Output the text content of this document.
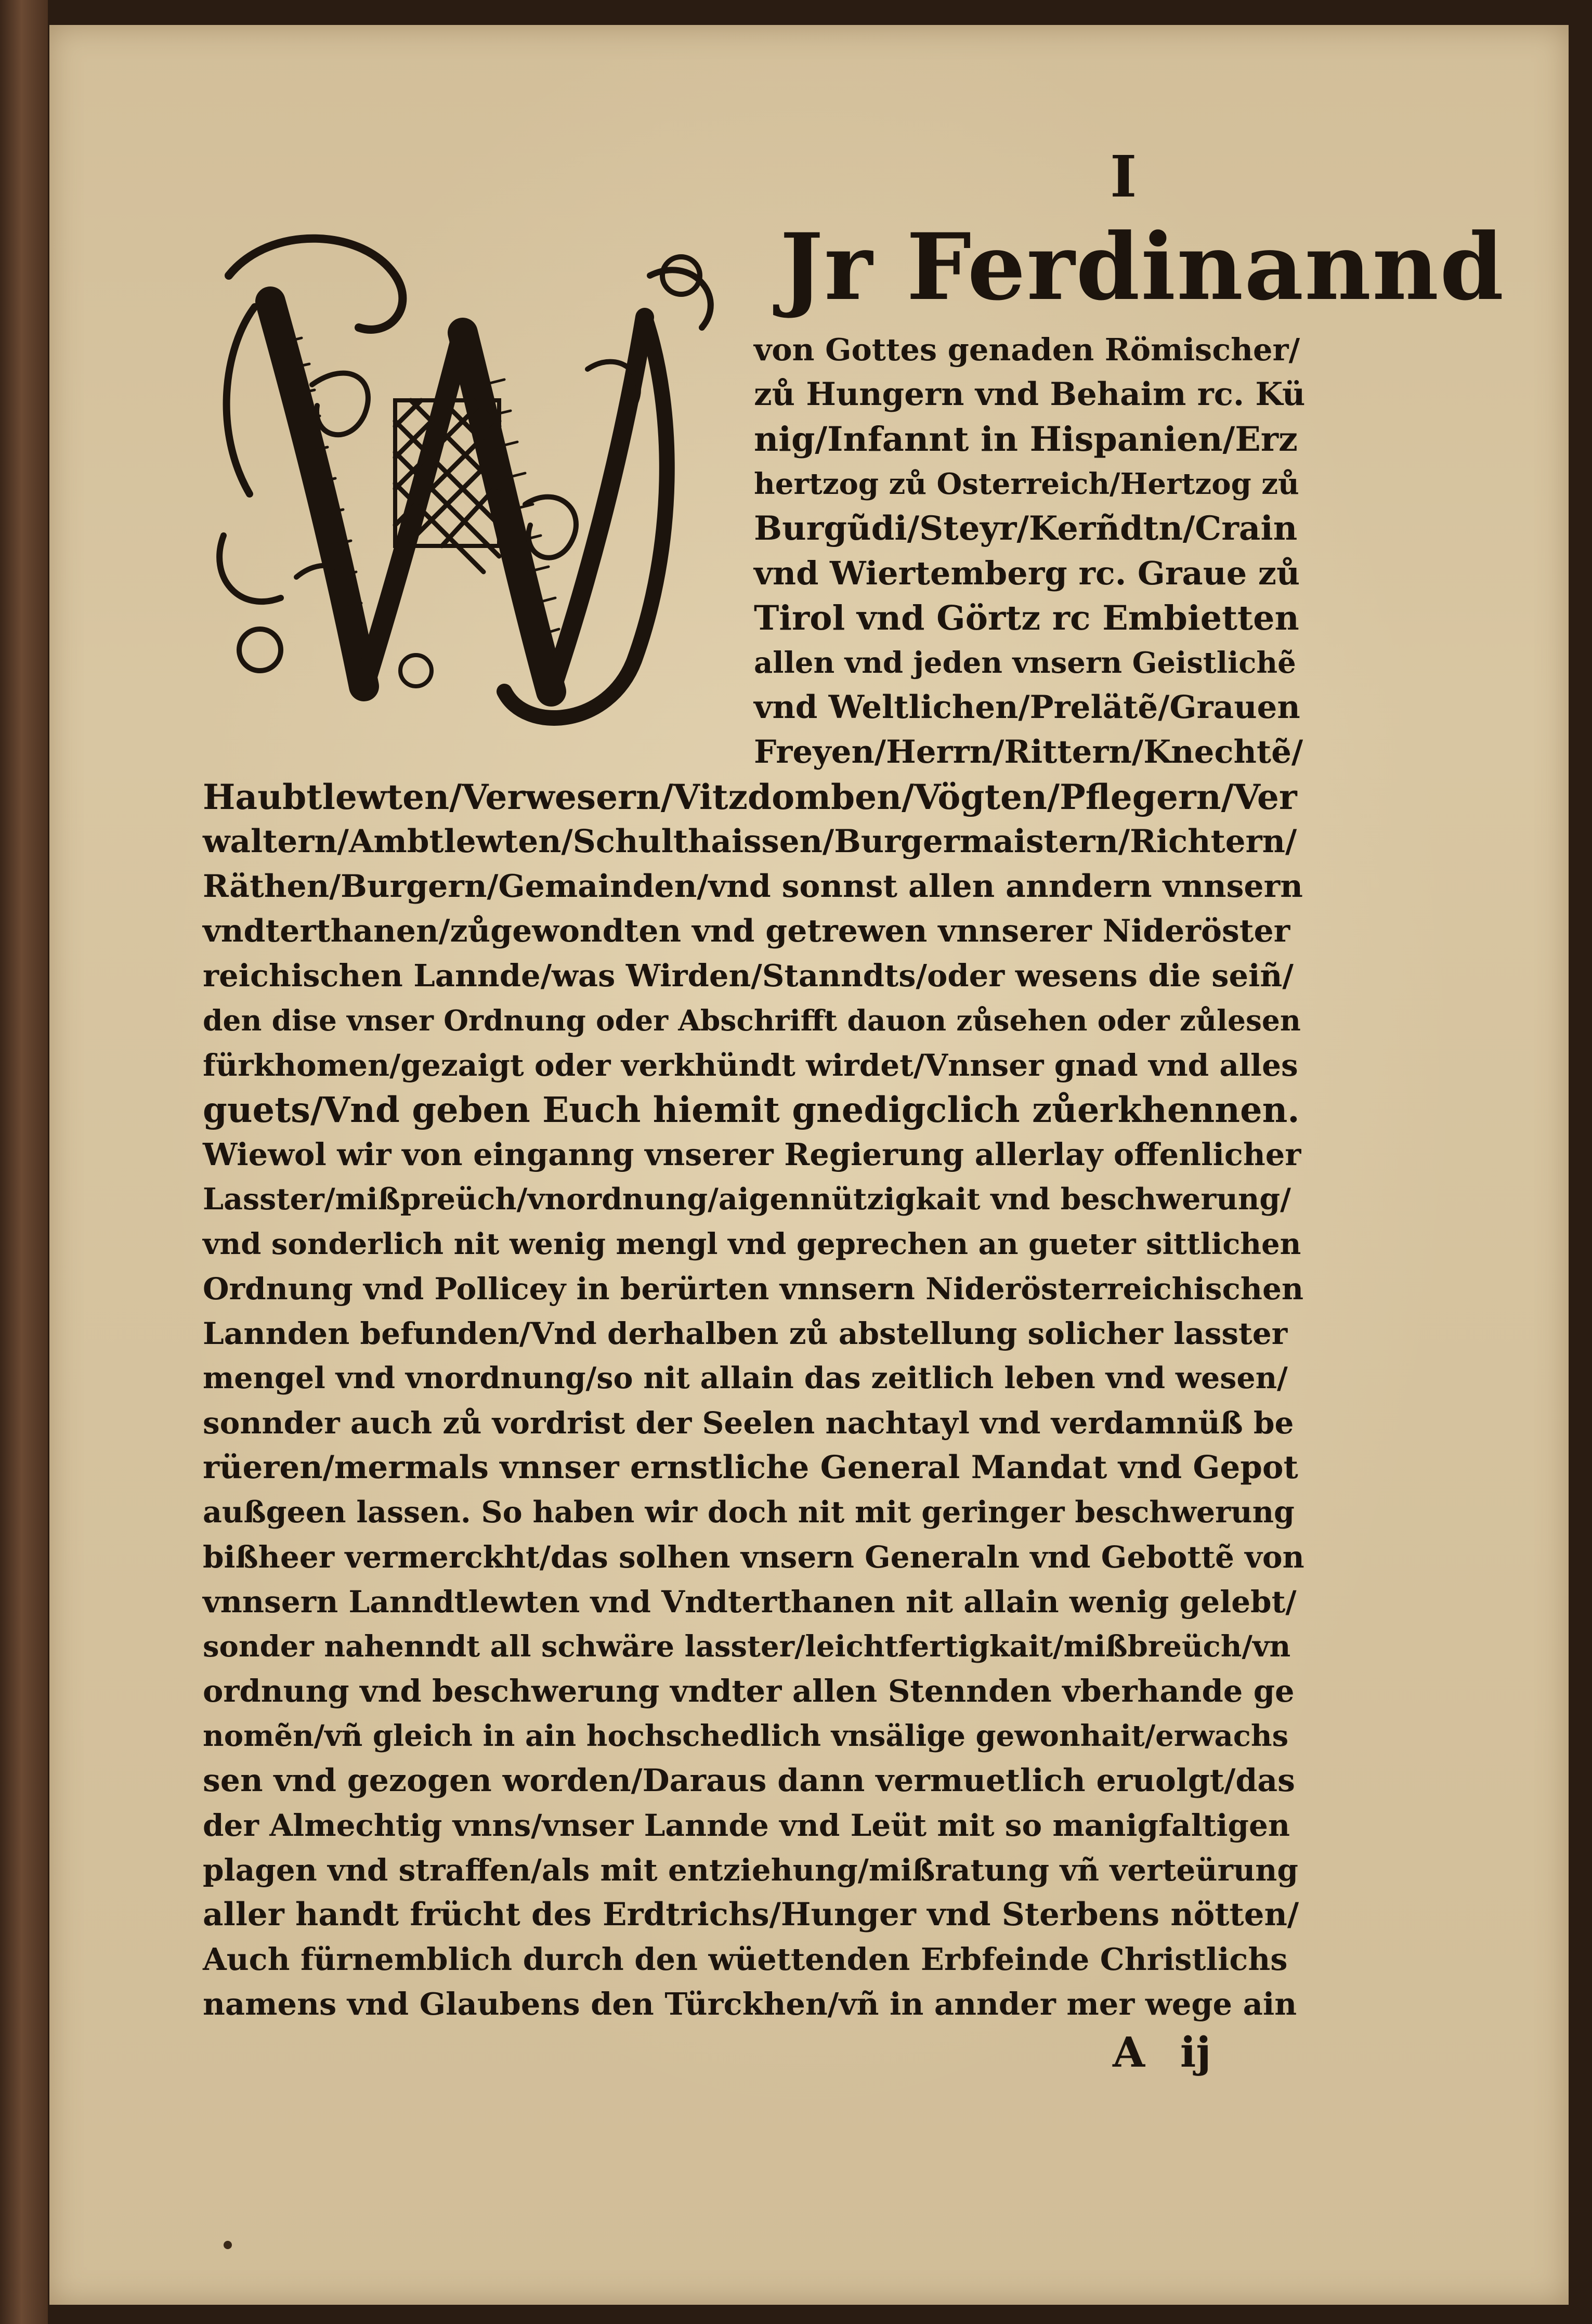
I
Jr Ferdinannd
von Gottes genaden Römischer/
zů Hungern vnd Behaim rc. Kü
nig/Infannt in Hispanien/Erz
hertzog zů Osterreich/Hertzog zů
Burgũdi/Steyr/Kerñdtn/Crain
vnd Wiertemberg rc. Graue zů
Tirol vnd Görtz rc Embietten
allen vnd jeden vnsern Geistlichẽ
vnd Weltlichen/Prelätẽ/Grauen
Freyen/Herrn/Rittern/Knechtẽ/
Haubtlewten/Verwesern/Vitzdomben/Vögten/Pflegern/Ver
waltern/Ambtlewten/Schulthaissen/Burgermaistern/Richtern/
Räthen/Burgern/Gemainden/vnd sonnst allen anndern vnnsern
vndterthanen/zůgewondten vnd getrewen vnnserer Nideröster
reichischen Lannde/was Wirden/Stanndts/oder wesens die seiñ/
den dise vnser Ordnung oder Abschrifft dauon zůsehen oder zůlesen
fürkhomen/gezaigt oder verkhündt wirdet/Vnnser gnad vnd alles
guets/Vnd geben Euch hiemit gnedigclich zůerkhennen.
Wiewol wir von einganng vnserer Regierung allerlay offenlicher
Lasster/mißpreüch/vnordnung/aigennützigkait vnd beschwerung/
vnd sonderlich nit wenig mengl vnd geprechen an gueter sittlichen
Ordnung vnd Pollicey in berürten vnnsern Niderösterreichischen
Lannden befunden/Vnd derhalben zů abstellung solicher lasster
mengel vnd vnordnung/so nit allain das zeitlich leben vnd wesen/
sonnder auch zů vordrist der Seelen nachtayl vnd verdamnüß be
rüeren/mermals vnnser ernstliche General Mandat vnd Gepot
außgeen lassen. So haben wir doch nit mit geringer beschwerung
bißheer vermerckht/das solhen vnsern Generaln vnd Gebottẽ von
vnnsern Lanndtlewten vnd Vndterthanen nit allain wenig gelebt/
sonder nahenndt all schwäre lasster/leichtfertigkait/mißbreüch/vn
ordnung vnd beschwerung vndter allen Stennden vberhande ge
nomẽn/vñ gleich in ain hochschedlich vnsälige gewonhait/erwachs
sen vnd gezogen worden/Daraus dann vermuetlich eruolgt/das
der Almechtig vnns/vnser Lannde vnd Leüt mit so manigfaltigen
plagen vnd straffen/als mit entziehung/mißratung vñ verteürung
aller handt frücht des Erdtrichs/Hunger vnd Sterbens nötten/
Auch fürnemblich durch den wüettenden Erbfeinde Christlichs
namens vnd Glaubens den Türckhen/vñ in annder mer wege ain
A ij
